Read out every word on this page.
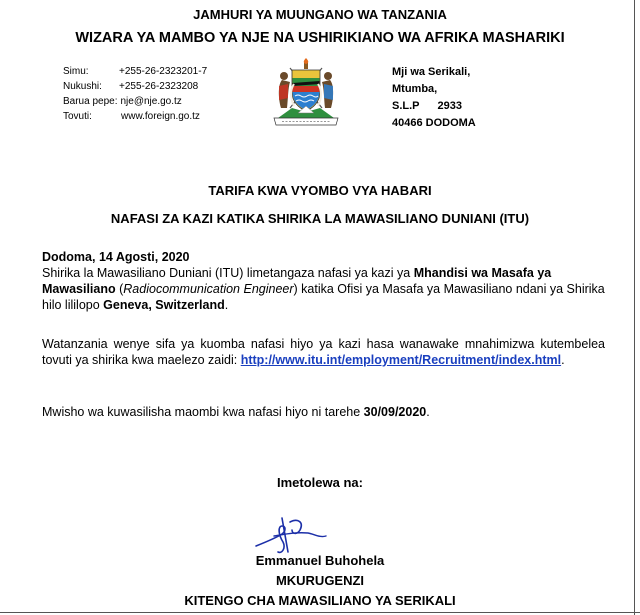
JAMHURI YA MUUNGANO WA TANZANIA
WIZARA YA MAMBO YA NJE NA USHIRIKIANO WA AFRIKA MASHARIKI
Simu:	+255-26-2323201-7
Nukushi: +255-26-2323208
Barua pepe: nje@nje.go.tz
Tovuti:	www.foreign.go.tz
Mji wa Serikali,
Mtumba,
S.L.P 2933
40466 DODOMA
TARIFA KWA VYOMBO VYA HABARI
NAFASI ZA KAZI KATIKA SHIRIKA LA MAWASILIANO DUNIANI (ITU)
Dodoma, 14 Agosti, 2020
Shirika la Mawasiliano Duniani (ITU) limetangaza nafasi ya kazi ya Mhandisi wa Masafa ya Mawasiliano (Radiocommunication Engineer) katika Ofisi ya Masafa ya Mawasiliano ndani ya Shirika hilo lililopo Geneva, Switzerland.
Watanzania wenye sifa ya kuomba nafasi hiyo ya kazi hasa wanawake mnahimizwa kutembelea tovuti ya shirika kwa maelezo zaidi: http://www.itu.int/employment/Recruitment/index.html.
Mwisho wa kuwasilisha maombi kwa nafasi hiyo ni tarehe 30/09/2020.
Imetolewa na:
Emmanuel Buhohela
MKURUGENZI
KITENGO CHA MAWASILIANO YA SERIKALI
